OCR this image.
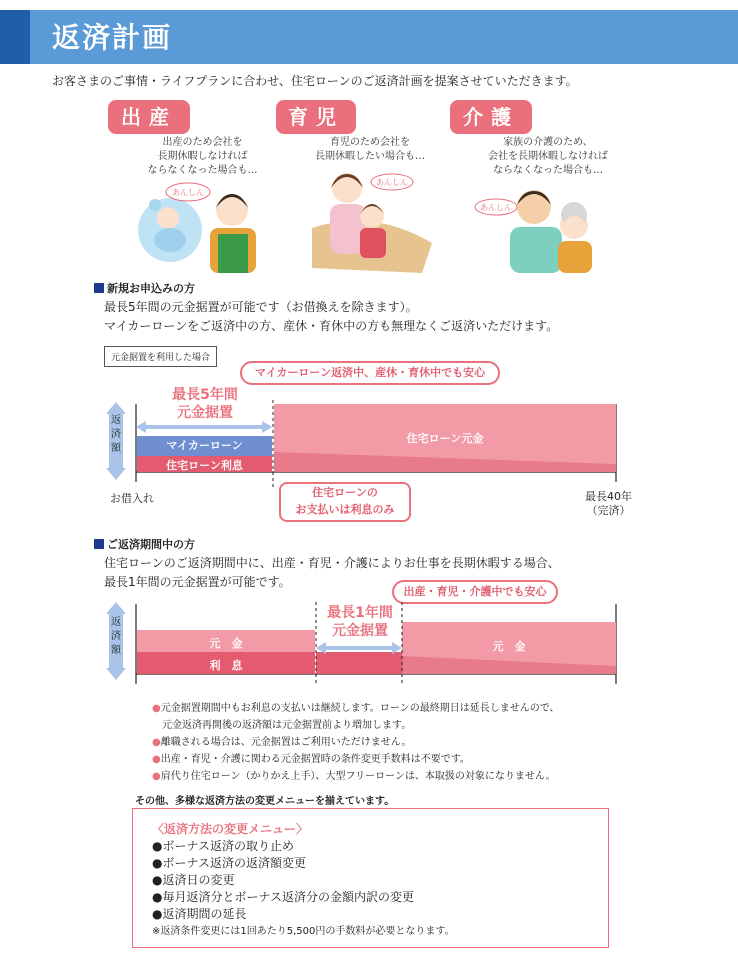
返済計画
お客さまのご事情・ライフプランに合わせ、住宅ローンのご返済計画を提案させていただきます。
出産
出産のため会社を
長期休暇しなければ
ならなくなった場合も…
あんしん
育児
育児のため会社を
長期休暇したい場合も…
あんしん
介護
家族の介護のため、
会社を長期休暇しなければ
ならなくなった場合も…
あんしん
新規お申込みの方
最長5年間の元金据置が可能です（お借換えを除きます）。
マイカーローンをご返済中の方、産休・育休中の方も無理なくご返済いただけます。
元金据置を利用した場合
マイカーローン返済中、産休・育休中でも安心
最長5年間
元金据置
返
済
額	マイカーローン
住宅ローン利息
住宅ローン元金
住宅ローンの
お支払いは利息のみ
お借入れ	最長40年
（完済）
ご返済期間中の方
住宅ローンのご返済期間中に、出産・育児・介護によりお仕事を長期休暇する場合、
最長1年間の元金据置が可能です。
出産・育児・介護中でも安心
最長1年間
元金据置
返
済
額
元　金
利　息
元　金
●元金据置期間中もお利息の支払いは継続します。ローンの最終期日は延長しませんので、
元金返済再開後の返済額は元金据置前より増加します。
●離職される場合は、元金据置はご利用いただけません。
●出産・育児・介護に関わる元金据置時の条件変更手数料は不要です。
●肩代り住宅ローン（かりかえ上手）、大型フリーローンは、本取扱の対象になりません。
その他、多様な返済方法の変更メニューを揃えています。
〈返済方法の変更メニュー〉
●ボーナス返済の取り止め
●ボーナス返済の返済額変更
●返済日の変更
●毎月返済分とボーナス返済分の金額内訳の変更
●返済期間の延長
※返済条件変更には1回あたり5,500円の手数料が必要となります。
